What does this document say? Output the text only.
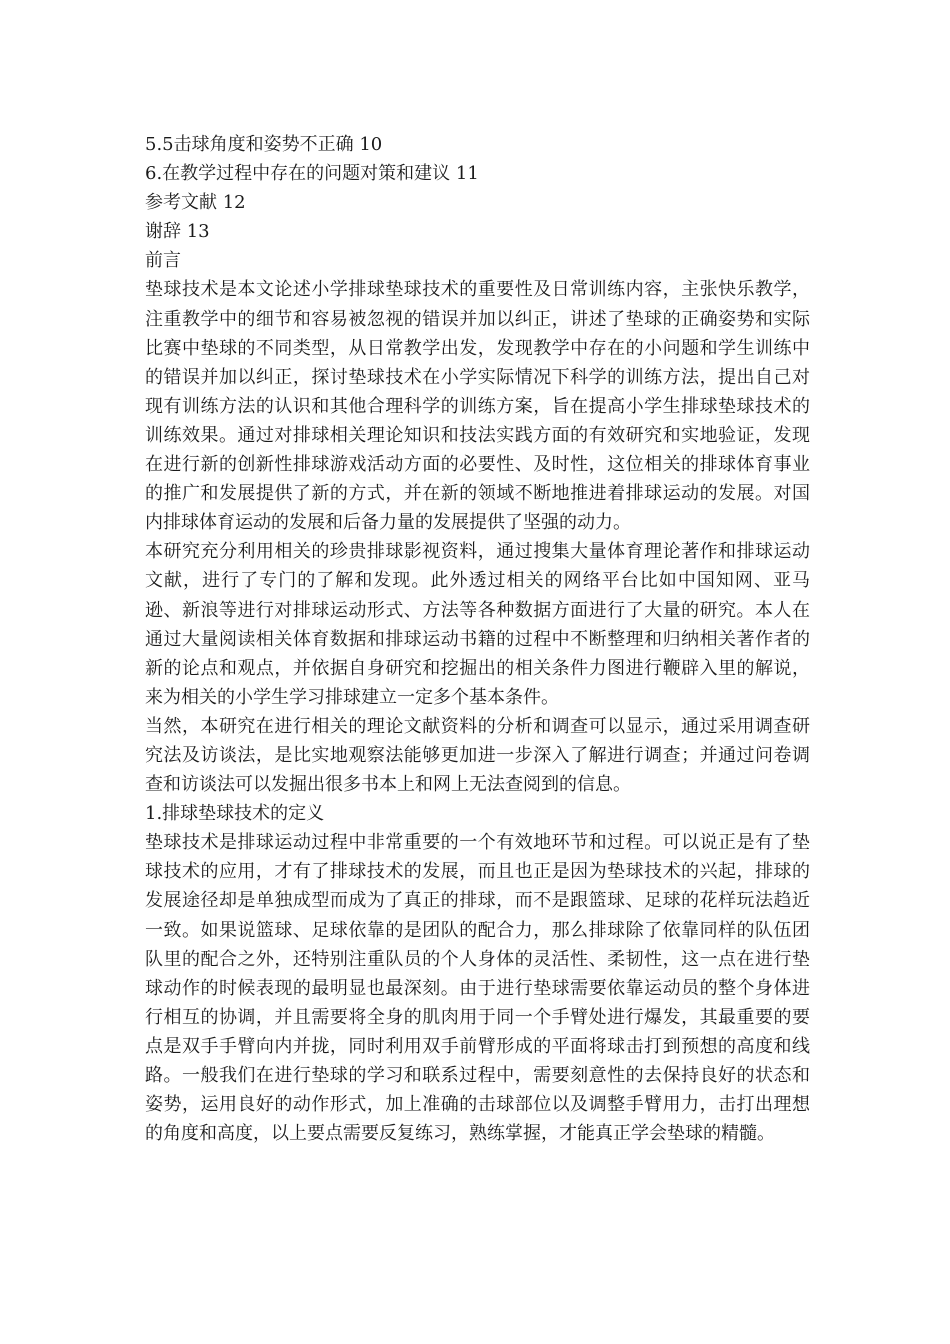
5.5击球角度和姿势不正确 10

6.在教学过程中存在的问题对策和建议 11

参考文献 12

谢辞 13

前言

垫球技术是本文论述小学排球垫球技术的重要性及日常训练内容，主张快乐教学，注重教学中的细节和容易被忽视的错误并加以纠正，讲述了垫球的正确姿势和实际比赛中垫球的不同类型，从日常教学出发，发现教学中存在的小问题和学生训练中的错误并加以纠正，探讨垫球技术在小学实际情况下科学的训练方法，提出自己对现有训练方法的认识和其他合理科学的训练方案，旨在提高小学生排球垫球技术的训练效果。通过对排球相关理论知识和技法实践方面的有效研究和实地验证，发现在进行新的创新性排球游戏活动方面的必要性、及时性，这位相关的排球体育事业的推广和发展提供了新的方式，并在新的领域不断地推进着排球运动的发展。对国内排球体育运动的发展和后备力量的发展提供了坚强的动力。

本研究充分利用相关的珍贵排球影视资料，通过搜集大量体育理论著作和排球运动文献，进行了专门的了解和发现。此外透过相关的网络平台比如中国知网、亚马逊、新浪等进行对排球运动形式、方法等各种数据方面进行了大量的研究。本人在通过大量阅读相关体育数据和排球运动书籍的过程中不断整理和归纳相关著作者的新的论点和观点，并依据自身研究和挖掘出的相关条件力图进行鞭辟入里的解说，来为相关的小学生学习排球建立一定多个基本条件。

当然，本研究在进行相关的理论文献资料的分析和调查可以显示，通过采用调查研究法及访谈法，是比实地观察法能够更加进一步深入了解进行调查；并通过问卷调查和访谈法可以发掘出很多书本上和网上无法查阅到的信息。

1.排球垫球技术的定义

垫球技术是排球运动过程中非常重要的一个有效地环节和过程。可以说正是有了垫球技术的应用，才有了排球技术的发展，而且也正是因为垫球技术的兴起，排球的发展途径却是单独成型而成为了真正的排球，而不是跟篮球、足球的花样玩法趋近一致。如果说篮球、足球依靠的是团队的配合力，那么排球除了依靠同样的队伍团队里的配合之外，还特别注重队员的个人身体的灵活性、柔韧性，这一点在进行垫球动作的时候表现的最明显也最深刻。由于进行垫球需要依靠运动员的整个身体进行相互的协调，并且需要将全身的肌肉用于同一个手臂处进行爆发，其最重要的要点是双手手臂向内并拢，同时利用双手前臂形成的平面将球击打到预想的高度和线路。一般我们在进行垫球的学习和联系过程中，需要刻意性的去保持良好的状态和姿势，运用良好的动作形式，加上准确的击球部位以及调整手臂用力，击打出理想的角度和高度，以上要点需要反复练习，熟练掌握，才能真正学会垫球的精髓。
